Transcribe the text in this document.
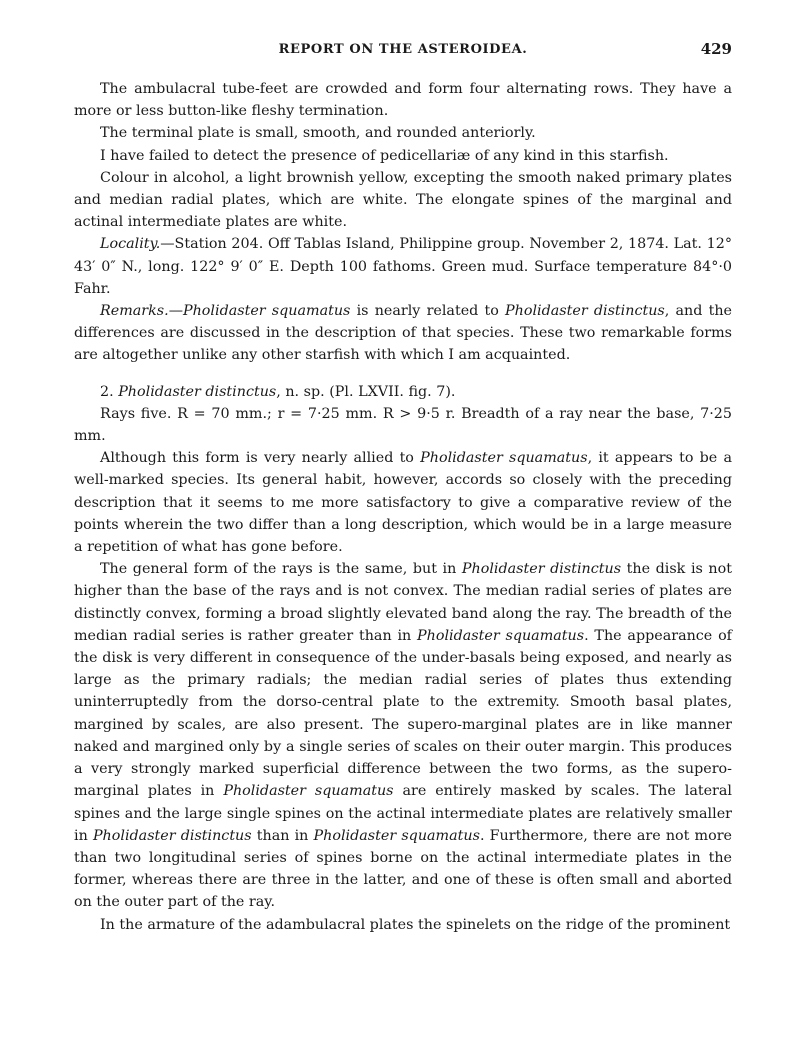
REPORT ON THE ASTEROIDEA.	429

The ambulacral tube-feet are crowded and form four alternating rows. They have a more or less button-like fleshy termination.

The terminal plate is small, smooth, and rounded anteriorly.

I have failed to detect the presence of pedicellariæ of any kind in this starfish.

Colour in alcohol, a light brownish yellow, excepting the smooth naked primary plates and median radial plates, which are white. The elongate spines of the marginal and actinal intermediate plates are white.

Locality.—Station 204. Off Tablas Island, Philippine group. November 2, 1874. Lat. 12° 43′ 0″ N., long. 122° 9′ 0″ E. Depth 100 fathoms. Green mud. Surface temperature 84°·0 Fahr.

Remarks.—Pholidaster squamatus is nearly related to Pholidaster distinctus, and the differences are discussed in the description of that species. These two remarkable forms are altogether unlike any other starfish with which I am acquainted.

2. Pholidaster distinctus, n. sp. (Pl. LXVII. fig. 7).

Rays five. R = 70 mm.; r = 7·25 mm. R > 9·5 r. Breadth of a ray near the base, 7·25 mm.

Although this form is very nearly allied to Pholidaster squamatus, it appears to be a well-marked species. Its general habit, however, accords so closely with the preceding description that it seems to me more satisfactory to give a comparative review of the points wherein the two differ than a long description, which would be in a large measure a repetition of what has gone before.

The general form of the rays is the same, but in Pholidaster distinctus the disk is not higher than the base of the rays and is not convex. The median radial series of plates are distinctly convex, forming a broad slightly elevated band along the ray. The breadth of the median radial series is rather greater than in Pholidaster squamatus. The appearance of the disk is very different in consequence of the under-basals being exposed, and nearly as large as the primary radials; the median radial series of plates thus extending uninterruptedly from the dorso-central plate to the extremity. Smooth basal plates, margined by scales, are also present. The supero-marginal plates are in like manner naked and margined only by a single series of scales on their outer margin. This produces a very strongly marked superficial difference between the two forms, as the supero-marginal plates in Pholidaster squamatus are entirely masked by scales. The lateral spines and the large single spines on the actinal intermediate plates are relatively smaller in Pholidaster distinctus than in Pholidaster squamatus. Furthermore, there are not more than two longitudinal series of spines borne on the actinal intermediate plates in the former, whereas there are three in the latter, and one of these is often small and aborted on the outer part of the ray.

In the armature of the adambulacral plates the spinelets on the ridge of the prominent
